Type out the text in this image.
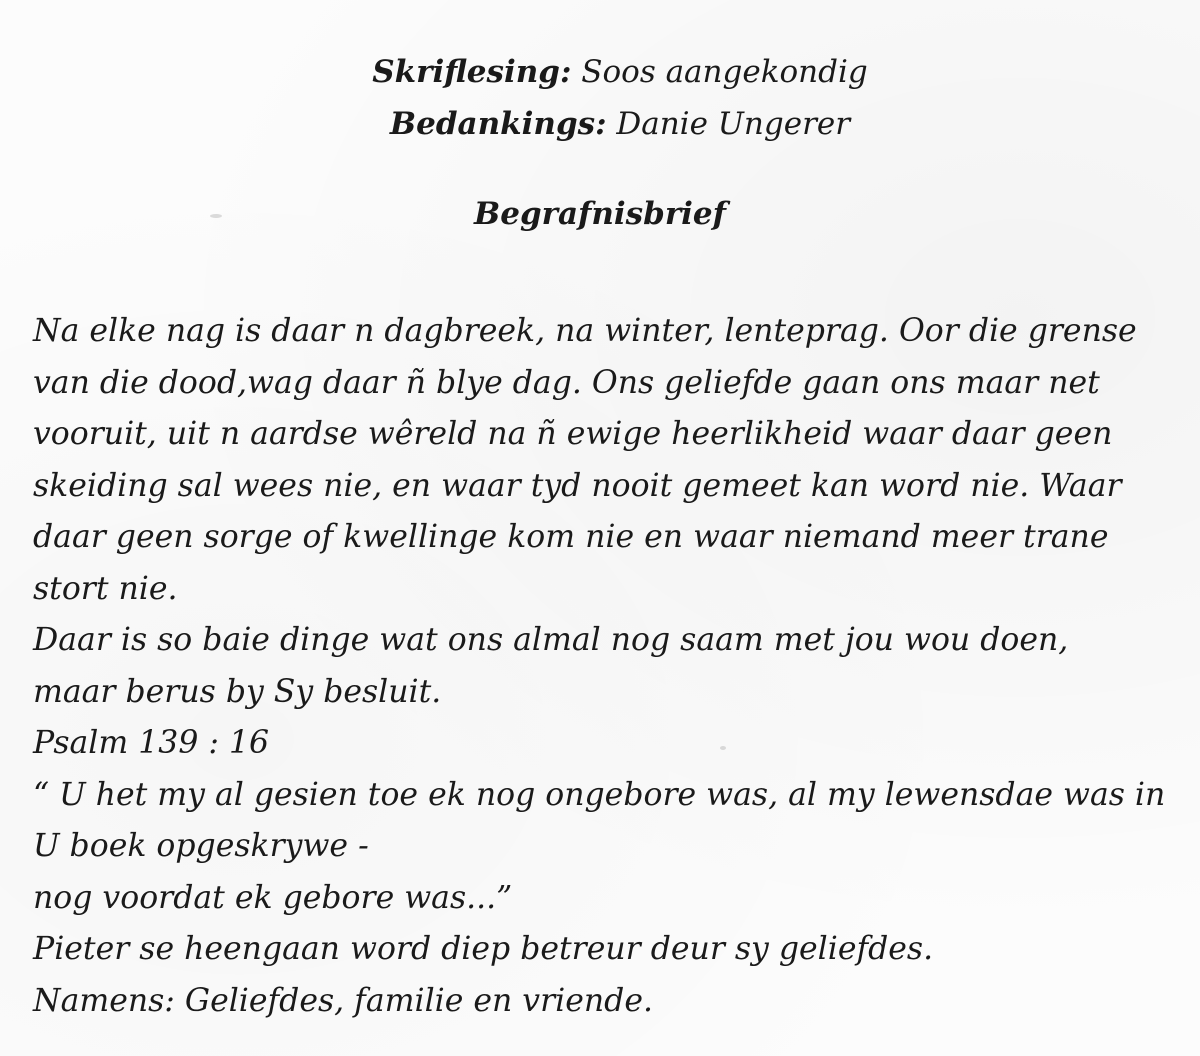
Skriflesing: Soos aangekondig
Bedankings: Danie Ungerer
Begrafnisbrief
Na elke nag is daar n dagbreek, na winter, lenteprag. Oor die grense
van die dood,wag daar ñ blye dag. Ons geliefde gaan ons maar net
vooruit, uit n aardse wêreld na ñ ewige heerlikheid waar daar geen
skeiding sal wees nie, en waar tyd nooit gemeet kan word nie. Waar
daar geen sorge of kwellinge kom nie en waar niemand meer trane
stort nie.
Daar is so baie dinge wat ons almal nog saam met jou wou doen,
maar berus by Sy besluit.
Psalm 139 : 16
“ U het my al gesien toe ek nog ongebore was, al my lewensdae was in
U boek opgeskrywe -
nog voordat ek gebore was...”
Pieter se heengaan word diep betreur deur sy geliefdes.
Namens: Geliefdes, familie en vriende.
